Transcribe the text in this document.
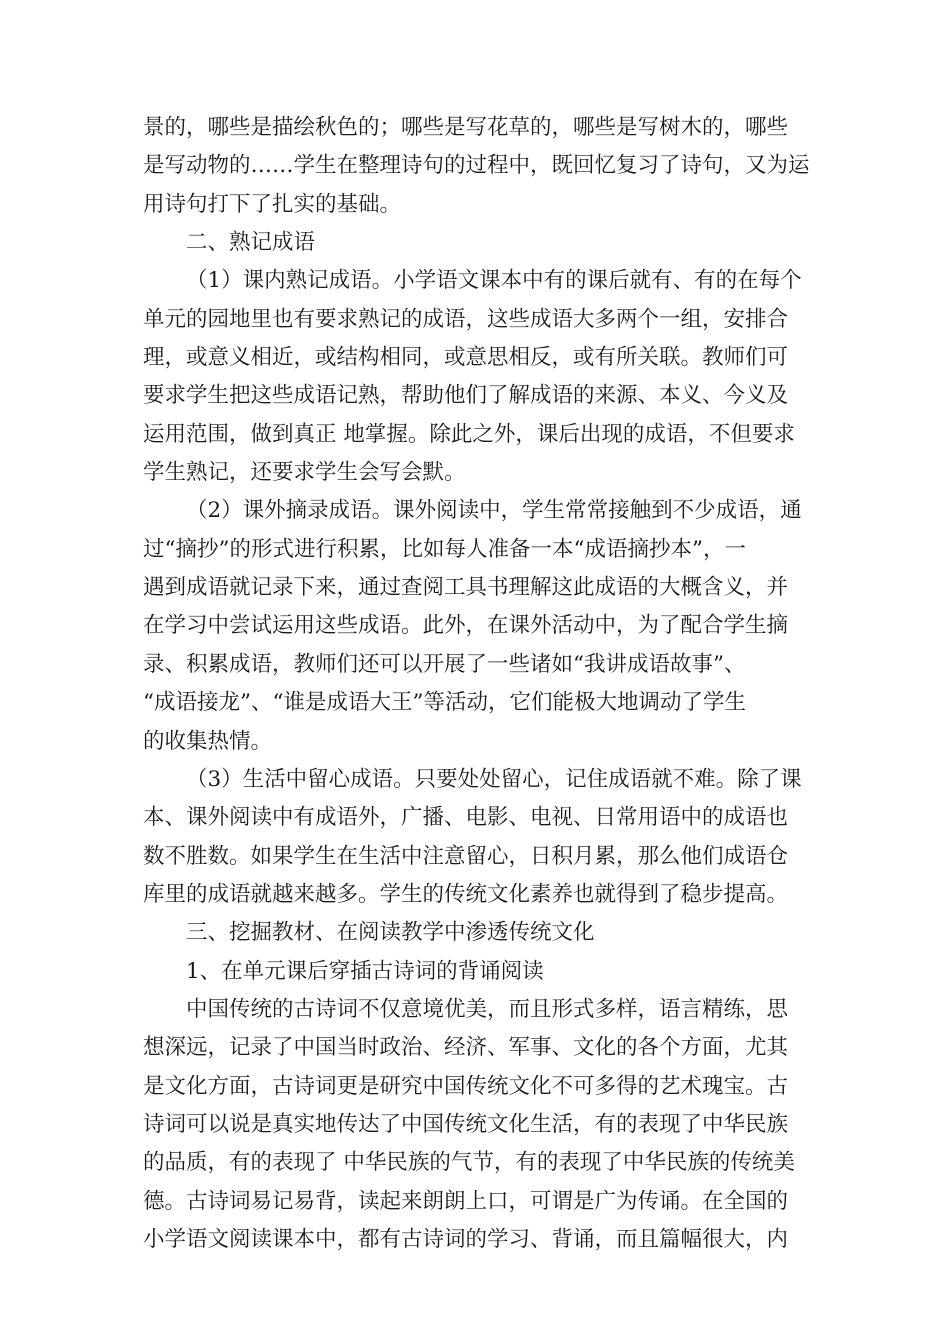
景的，哪些是描绘秋色的；哪些是写花草的，哪些是写树木的，哪些
是写动物的……学生在整理诗句的过程中，既回忆复习了诗句，又为运
用诗句打下了扎实的基础。
二、熟记成语
（1）课内熟记成语。小学语文课本中有的课后就有、有的在每个
单元的园地里也有要求熟记的成语，这些成语大多两个一组，安排合
理，或意义相近，或结构相同，或意思相反，或有所关联。教师们可
要求学生把这些成语记熟，帮助他们了解成语的来源、本义、今义及
运用范围，做到真正 地掌握。除此之外，课后出现的成语，不但要求
学生熟记，还要求学生会写会默。
（2）课外摘录成语。课外阅读中，学生常常接触到不少成语，通
过“摘抄”的形式进行积累，比如每人准备一本“成语摘抄本”，一
遇到成语就记录下来，通过查阅工具书理解这此成语的大概含义，并
在学习中尝试运用这些成语。此外，在课外活动中，为了配合学生摘
录、积累成语，教师们还可以开展了一些诸如“我讲成语故事”、
“成语接龙”、“谁是成语大王”等活动，它们能极大地调动了学生
的收集热情。
（3）生活中留心成语。只要处处留心，记住成语就不难。除了课
本、课外阅读中有成语外，广播、电影、电视、日常用语中的成语也
数不胜数。如果学生在生活中注意留心，日积月累，那么他们成语仓
库里的成语就越来越多。学生的传统文化素养也就得到了稳步提高。
三、挖掘教材、在阅读教学中渗透传统文化
1、在单元课后穿插古诗词的背诵阅读
中国传统的古诗词不仅意境优美，而且形式多样，语言精练，思
想深远，记录了中国当时政治、经济、军事、文化的各个方面，尤其
是文化方面，古诗词更是研究中国传统文化不可多得的艺术瑰宝。古
诗词可以说是真实地传达了中国传统文化生活，有的表现了中华民族
的品质，有的表现了 中华民族的气节，有的表现了中华民族的传统美
德。古诗词易记易背，读起来朗朗上口，可谓是广为传诵。在全国的
小学语文阅读课本中，都有古诗词的学习、背诵，而且篇幅很大，内
